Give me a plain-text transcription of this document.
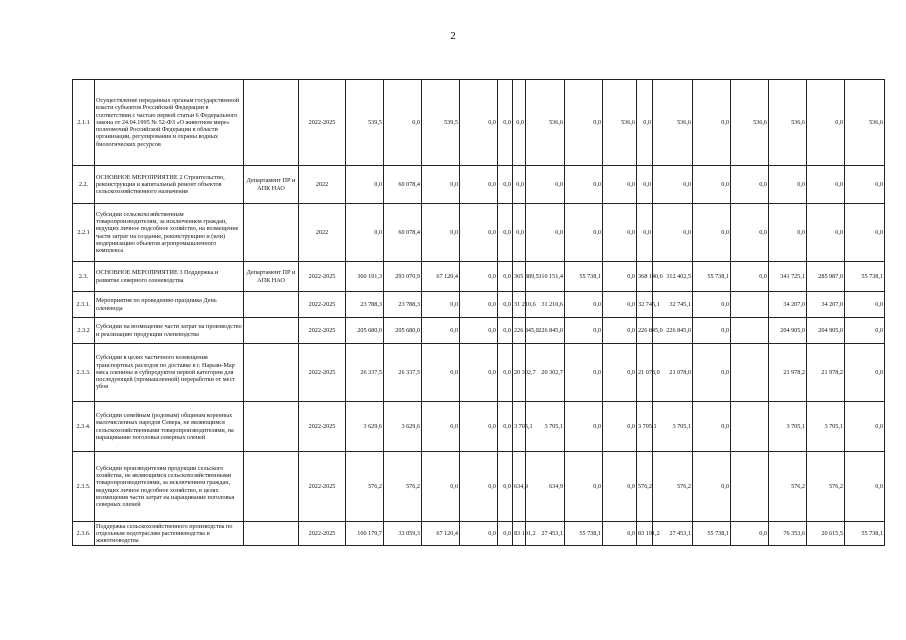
2
2.1.1	Осуществление переданных органам государственной власти субъектов Российской Федерации в соответствии с частью первой статьи 6 Федерального закона от 24.04.1995 № 52-ФЗ «О животном мире» полномочий Российской Федерации в области организации, регулирования и охраны водных биологических ресурсов		2022-2025	539,5	0,0	539,5	0,0	0,0	0,0	536,6	0,0	536,6	0,0	536,6	0,0	536,6	536,6	0,0	536,6
2.2.	ОСНОВНОЕ МЕРОПРИЯТИЕ 2 Строительство, реконструкция и капитальный ремонт объектов сельскохозяйственного назначения	Департамент ПР и АПК НАО	2022	0,0	60 078,4	0,0	0,0	0,0	0,0	0,0	0,0	0,0	0,0	0,0	0,0	0,0	0,0	0,0	0,0
2.2.1	Субсидии сельскохозяйственным товаропроизводителям, за исключением граждан, ведущих личное подсобное хозяйство, на возмещение части затрат на создание, реконструкцию и (или) модернизацию объектов агропромышленного комплекса		2022	0,0	60 078,4	0,0	0,0	0,0	0,0	0,0	0,0	0,0	0,0	0,0	0,0	0,0	0,0	0,0	0,0
2.3.	ОСНОВНОЕ МЕРОПРИЯТИЕ 3 Поддержка и развитие северного оленеводства	Департамент ПР и АПК НАО	2022-2025	360 191,3	293 070,9	67 120,4	0,0	0,0	365 889,5	310 151,4	55 738,1	0,0	368 140,6	312 402,5	55 738,1	0,0	341 725,1	285 987,0	55 738,1
2.3.1.	Мероприятия по проведению праздника День оленевода		2022-2025	23 788,3	23 788,3	0,0	0,0	0,0	31 210,6	31 210,6	0,0	0,0	32 745,1	32 745,1	0,0		34 207,0	34 207,0	0,0
2.3.2	Субсидии на возмещение части затрат на производство и реализацию продукции оленеводства		2022-2025	205 680,0	205 680,0	0,0	0,0	0,0	226 845,0	226 845,0	0,0	0,0	226 845,0	226 845,0	0,0		204 905,0	204 905,0	0,0
2.3.3.	Субсидии в целях частичного возмещения транспортных расходов по доставке в г. Нарьян-Мар мяса оленины и субпродуктов первой категории для последующей (промышленной) переработки от мест убоя		2022-2025	26 337,5	26 337,5	0,0	0,0	0,0	20 302,7	20 302,7	0,0	0,0	21 078,0	21 078,0	0,0		21 978,2	21 978,2	0,0
2.3.4.	Субсидии семейным (родовым) общинам коренных малочисленных народов Севера, не являющимся сельскохозяйственными товаропроизводителями, на наращивание поголовья северных оленей		2022-2025	3 629,6	3 629,6	0,0	0,0	0,0	3 705,1	3 705,1	0,0	0,0	3 705,1	3 705,1	0,0		3 705,1	3 705,1	0,0
2.3.5.	Субсидии производителям продукции сельского хозяйства, не являющимся сельскохозяйственными товаропроизводителями, за исключением граждан, ведущих личное подсобное хозяйство, в целях возмещения части затрат на наращивание поголовья северных оленей		2022-2025	576,2	576,2	0,0	0,0	0,0	634,9	634,9	0,0	0,0	576,2	576,2	0,0		576,2	576,2	0,0
2.3.6.	Поддержка сельскохозяйственного производства по отдельным подотраслям растениеводства и животноводства		2022-2025	100 179,7	33 059,3	67 120,4	0,0	0,0	83 191,2	27 453,1	55 738,1	0,0	83 191,2	27 453,1	55 738,1	0,0	76 353,6	20 615,5	55 738,1
